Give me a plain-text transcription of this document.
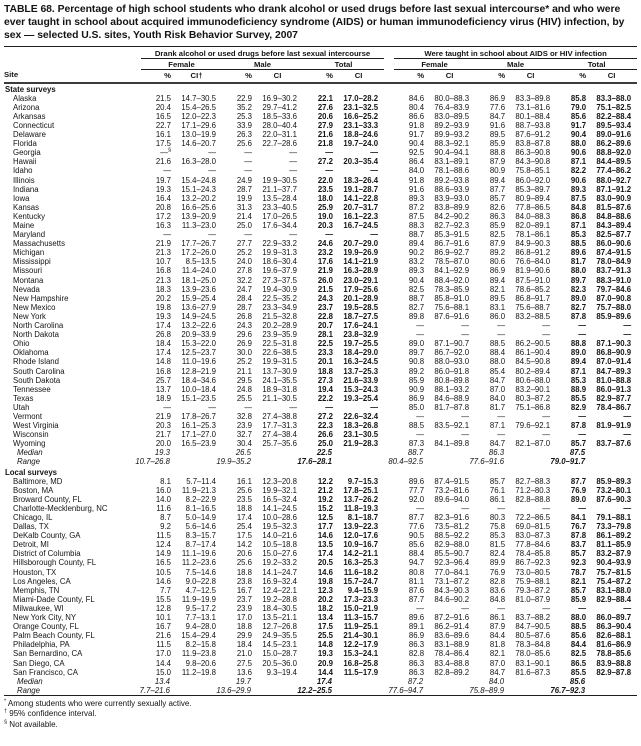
TABLE 68. Percentage of high school students who drank alcohol or used drugs before last sexual intercourse* and who were ever taught in school about acquired immunodeficiency syndrome (AIDS) or human immunodeficiency virus (HIV) infection, by sex — selected U.S. sites, Youth Risk Behavior Survey, 2007
	Drank alcohol or used drugs before last sexual intercourse							Were taught in school about AIDS or HIV infection					
	Female		Male		Total			Female		Male		Total	
Site	%	CI†	%	CI	%	CI		%	CI	%	CI	%	CI
State surveys													
Alaska	21.5	14.7–30.5	22.9	16.9–30.2	22.1	17.0–28.2		84.6	80.0–88.3	86.9	83.3–89.8	85.8	83.3–88.0
Arizona	20.4	15.4–26.5	35.2	29.7–41.2	27.6	23.1–32.5		80.4	76.4–83.9	77.6	73.1–81.6	79.0	75.1–82.5
Arkansas	16.5	12.0–22.3	25.3	18.5–33.6	20.6	16.6–25.2		86.6	83.0–89.5	84.7	80.1–88.4	85.6	82.2–88.4
Connecticut	22.7	17.1–29.6	33.9	28.0–40.4	27.9	23.1–33.3		91.8	89.2–93.9	91.6	88.7–93.8	91.7	89.5–93.4
Delaware	16.1	13.0–19.9	26.3	22.0–31.1	21.6	18.8–24.6		91.7	89.9–93.2	89.5	87.6–91.2	90.4	89.0–91.6
Florida	17.5	14.6–20.7	25.6	22.7–28.6	21.8	19.7–24.0		90.4	88.3–92.1	85.9	83.8–87.8	88.0	86.2–89.6
Georgia	—§	—	—	—	—	—		92.5	90.4–94.1	88.8	86.3–90.8	90.6	88.8–92.0
Hawaii	21.6	16.3–28.0	—	—	27.2	20.3–35.4		86.4	83.1–89.1	87.9	84.3–90.8	87.1	84.4–89.5
Idaho	—	—	—	—	—	—		84.0	78.1–88.6	80.9	75.8–85.1	82.2	77.4–86.2
Illinois	19.7	15.4–24.8	24.9	19.9–30.5	22.0	18.3–26.4		91.8	89.2–93.8	89.4	86.0–92.0	90.6	88.0–92.7
Indiana	19.3	15.1–24.3	28.7	21.1–37.7	23.5	19.1–28.7		91.6	88.6–93.9	87.7	85.3–89.7	89.3	87.1–91.2
Iowa	16.4	13.2–20.2	19.9	13.5–28.4	18.0	14.1–22.8		89.3	83.9–93.0	85.7	80.9–89.4	87.5	83.0–90.9
Kansas	20.8	16.6–25.6	31.3	23.3–40.5	25.9	20.7–31.7		87.2	83.8–89.9	82.6	77.8–86.5	84.8	81.5–87.6
Kentucky	17.2	13.9–20.9	21.4	17.0–26.5	19.0	16.1–22.3		87.5	84.2–90.2	86.3	84.0–88.3	86.8	84.8–88.6
Maine	16.3	11.3–23.0	25.0	17.6–34.4	20.3	16.7–24.5		88.3	82.7–92.3	85.9	82.0–89.1	87.1	84.3–89.4
Maryland	—	—	—	—	—	—		88.7	85.3–91.5	82.5	78.1–86.1	85.3	82.5–87.7
Massachusetts	21.9	17.7–26.7	27.7	22.9–33.2	24.6	20.7–29.0		89.4	86.7–91.6	87.9	84.9–90.3	88.5	86.0–90.6
Michigan	21.3	17.2–26.0	25.2	19.9–31.3	23.2	19.9–26.9		90.2	86.9–92.7	89.2	86.8–91.2	89.6	87.4–91.5
Mississippi	10.7	8.5–13.5	24.0	18.6–30.4	17.6	14.1–21.9		83.2	78.5–87.0	80.6	76.6–84.0	81.7	78.0–84.9
Missouri	16.8	11.4–24.0	27.8	19.6–37.9	21.9	16.3–28.9		89.3	84.1–92.9	86.9	81.9–90.6	88.0	83.7–91.3
Montana	21.3	18.1–25.0	32.2	27.3–37.5	26.0	23.0–29.1		90.4	88.4–92.0	89.4	87.5–91.0	89.7	88.3–91.0
Nevada	18.3	13.9–23.6	24.7	19.4–30.9	21.5	17.9–25.6		82.5	78.3–85.9	82.1	78.6–85.2	82.3	79.7–84.6
New Hampshire	20.2	15.9–25.4	28.4	22.5–35.2	24.3	20.1–28.9		88.7	85.8–91.0	89.5	86.8–91.7	89.0	87.0–90.8
New Mexico	19.8	13.6–27.9	28.7	23.3–34.9	23.7	19.5–28.5		82.7	75.6–88.1	83.1	75.6–88.7	82.7	75.7–88.0
New York	19.3	14.9–24.5	26.8	21.5–32.8	22.8	18.7–27.5		89.8	87.6–91.6	86.0	83.2–88.5	87.8	85.9–89.6
North Carolina	17.4	13.2–22.6	24.3	20.2–28.9	20.7	17.6–24.1		—	—	—	—	—	—
North Dakota	26.8	20.9–33.9	29.6	23.9–35.9	28.1	23.8–32.9		—	—	—	—	—	—
Ohio	18.4	15.3–22.0	26.9	22.5–31.8	22.5	19.7–25.5		89.0	87.1–90.7	88.5	86.2–90.5	88.8	87.1–90.3
Oklahoma	17.4	12.5–23.7	30.0	22.6–38.5	23.3	18.4–29.0		89.7	86.7–92.0	88.4	86.1–90.4	89.0	86.8–90.9
Rhode Island	14.8	11.0–19.6	25.2	19.9–31.5	20.1	16.3–24.5		90.8	88.0–93.0	88.0	84.5–90.8	89.4	87.0–91.4
South Carolina	16.8	12.8–21.9	21.1	13.7–30.9	18.8	13.7–25.3		89.2	86.0–91.8	85.4	80.2–89.4	87.1	84.7–89.3
South Dakota	25.7	18.4–34.6	29.5	24.1–35.5	27.3	21.6–33.9		85.9	80.8–89.8	84.7	80.6–88.0	85.3	81.0–88.8
Tennessee	13.7	10.0–18.4	24.8	18.9–31.8	19.4	15.3–24.3		90.9	88.1–93.2	87.0	83.2–90.1	88.9	86.0–91.3
Texas	18.9	15.1–23.5	25.5	21.1–30.5	22.2	19.3–25.4		86.9	84.6–88.9	84.0	80.3–87.2	85.5	82.9–87.7
Utah	—	—	—	—	—	—		85.0	81.7–87.8	81.7	75.1–86.8	82.9	78.4–86.7
Vermont	21.9	17.8–26.7	32.8	27.4–38.8	27.2	22.6–32.4		—	—	—	—	—	—
West Virginia	20.3	16.1–25.3	23.9	17.7–31.3	22.3	18.3–26.8		88.5	83.5–92.1	87.1	79.6–92.1	87.8	81.9–91.9
Wisconsin	21.7	17.1–27.0	32.7	27.4–38.4	26.6	23.1–30.5		—	—	—	—	—	—
Wyoming	20.0	16.5–23.9	30.4	25.7–35.6	25.0	21.9–28.3		87.3	84.1–89.8	84.7	82.1–87.0	85.7	83.7–87.6
Median	19.3		26.5		22.5			88.7		86.3		87.5	

Range	10.7–26.8		19.9–35.2		17.6–28.1			80.4–92.5		77.6–91.6		79.0–91.7	

Local surveys													
Baltimore, MD	8.1	5.7–11.4	16.1	12.3–20.8	12.2	9.7–15.3		89.6	87.4–91.5	85.7	82.7–88.3	87.7	85.9–89.3
Boston, MA	16.0	11.9–21.3	25.6	19.9–32.1	21.2	17.8–25.1		77.7	73.2–81.6	76.1	71.2–80.3	76.9	73.2–80.1
Broward County, FL	14.0	8.2–22.9	23.5	16.5–32.4	19.2	13.7–26.2		92.0	89.6–94.0	86.1	82.8–88.8	89.0	87.6–90.3
Charlotte-Mecklenburg, NC	11.6	8.1–16.5	18.8	14.1–24.5	15.2	11.8–19.3		—	—	—	—	—	—
Chicago, IL	8.7	5.0–14.9	17.4	10.0–28.6	12.5	8.1–18.7		87.7	82.3–91.6	80.3	72.2–86.5	84.1	79.1–88.1
Dallas, TX	9.2	5.6–14.6	25.4	19.5–32.3	17.7	13.9–22.3		77.6	73.5–81.2	75.8	69.0–81.5	76.7	73.3–79.8
DeKalb County, GA	11.5	8.3–15.7	17.5	14.0–21.6	14.6	12.0–17.6		90.5	88.5–92.2	85.3	83.0–87.3	87.8	86.1–89.2
Detroit, MI	12.4	8.7–17.4	14.2	10.5–18.8	13.5	10.9–16.7		85.6	82.9–88.0	81.5	77.8–84.6	83.7	81.1–85.9
District of Columbia	14.9	11.1–19.6	20.6	15.0–27.6	17.4	14.2–21.1		88.4	85.5–90.7	82.4	78.4–85.8	85.7	83.2–87.9
Hillsborough County, FL	16.5	11.2–23.6	25.6	19.2–33.2	20.5	16.3–25.3		94.7	92.3–96.4	89.9	86.7–92.3	92.3	90.4–93.9
Houston, TX	10.5	7.5–14.6	18.8	14.1–24.7	14.6	11.6–18.2		80.8	77.0–84.1	76.9	73.0–80.5	78.7	75.7–81.5
Los Angeles, CA	14.6	9.0–22.8	23.8	16.9–32.4	19.8	15.7–24.7		81.1	73.1–87.2	82.8	75.9–88.1	82.1	75.4–87.2
Memphis, TN	7.7	4.7–12.5	16.7	12.4–22.1	12.3	9.4–15.9		87.6	84.3–90.3	83.6	79.3–87.2	85.7	83.1–88.0
Miami-Dade County, FL	15.5	11.9–19.9	23.7	19.2–28.8	20.2	17.3–23.3		87.7	84.6–90.2	84.8	81.0–87.9	85.9	82.9–88.4
Milwaukee, WI	12.8	9.5–17.2	23.9	18.4–30.5	18.2	15.0–21.9		—	—	—	—	—	—
New York City, NY	10.1	7.7–13.1	17.0	13.5–21.1	13.4	11.3–15.7		89.6	87.2–91.6	86.1	83.7–88.2	88.0	86.0–89.7
Orange County, FL	16.7	9.4–28.0	18.8	12.7–26.8	17.5	11.9–25.1		89.1	86.2–91.4	87.9	84.7–90.5	88.5	86.3–90.4
Palm Beach County, FL	21.6	15.4–29.4	29.9	24.9–35.5	25.5	21.4–30.1		86.9	83.6–89.6	84.4	80.5–87.6	85.6	82.6–88.1
Philadelphia, PA	11.5	8.2–15.8	18.4	14.5–23.1	14.8	12.2–17.9		86.3	83.1–88.9	81.8	78.3–84.8	84.4	81.6–86.9
San Bernardino, CA	17.0	11.9–23.8	21.0	15.0–28.7	19.3	15.3–24.1		82.8	78.4–86.4	82.1	78.0–85.6	82.5	78.8–85.6
San Diego, CA	14.4	9.8–20.6	27.5	20.5–36.0	20.9	16.8–25.8		86.3	83.4–88.8	87.0	83.1–90.1	86.5	83.9–88.8
San Francisco, CA	15.0	11.2–19.8	13.6	9.3–19.4	14.4	11.5–17.9		86.3	82.8–89.2	84.7	81.6–87.3	85.5	82.9–87.8
Median	13.4		19.7		17.4			87.2		84.0		85.6	

Range	7.7–21.6		13.6–29.9		12.2–25.5			77.6–94.7		75.8–89.9		76.7–92.3	

* Among students who were currently sexually active.
† 95% confidence interval.
§ Not available.
